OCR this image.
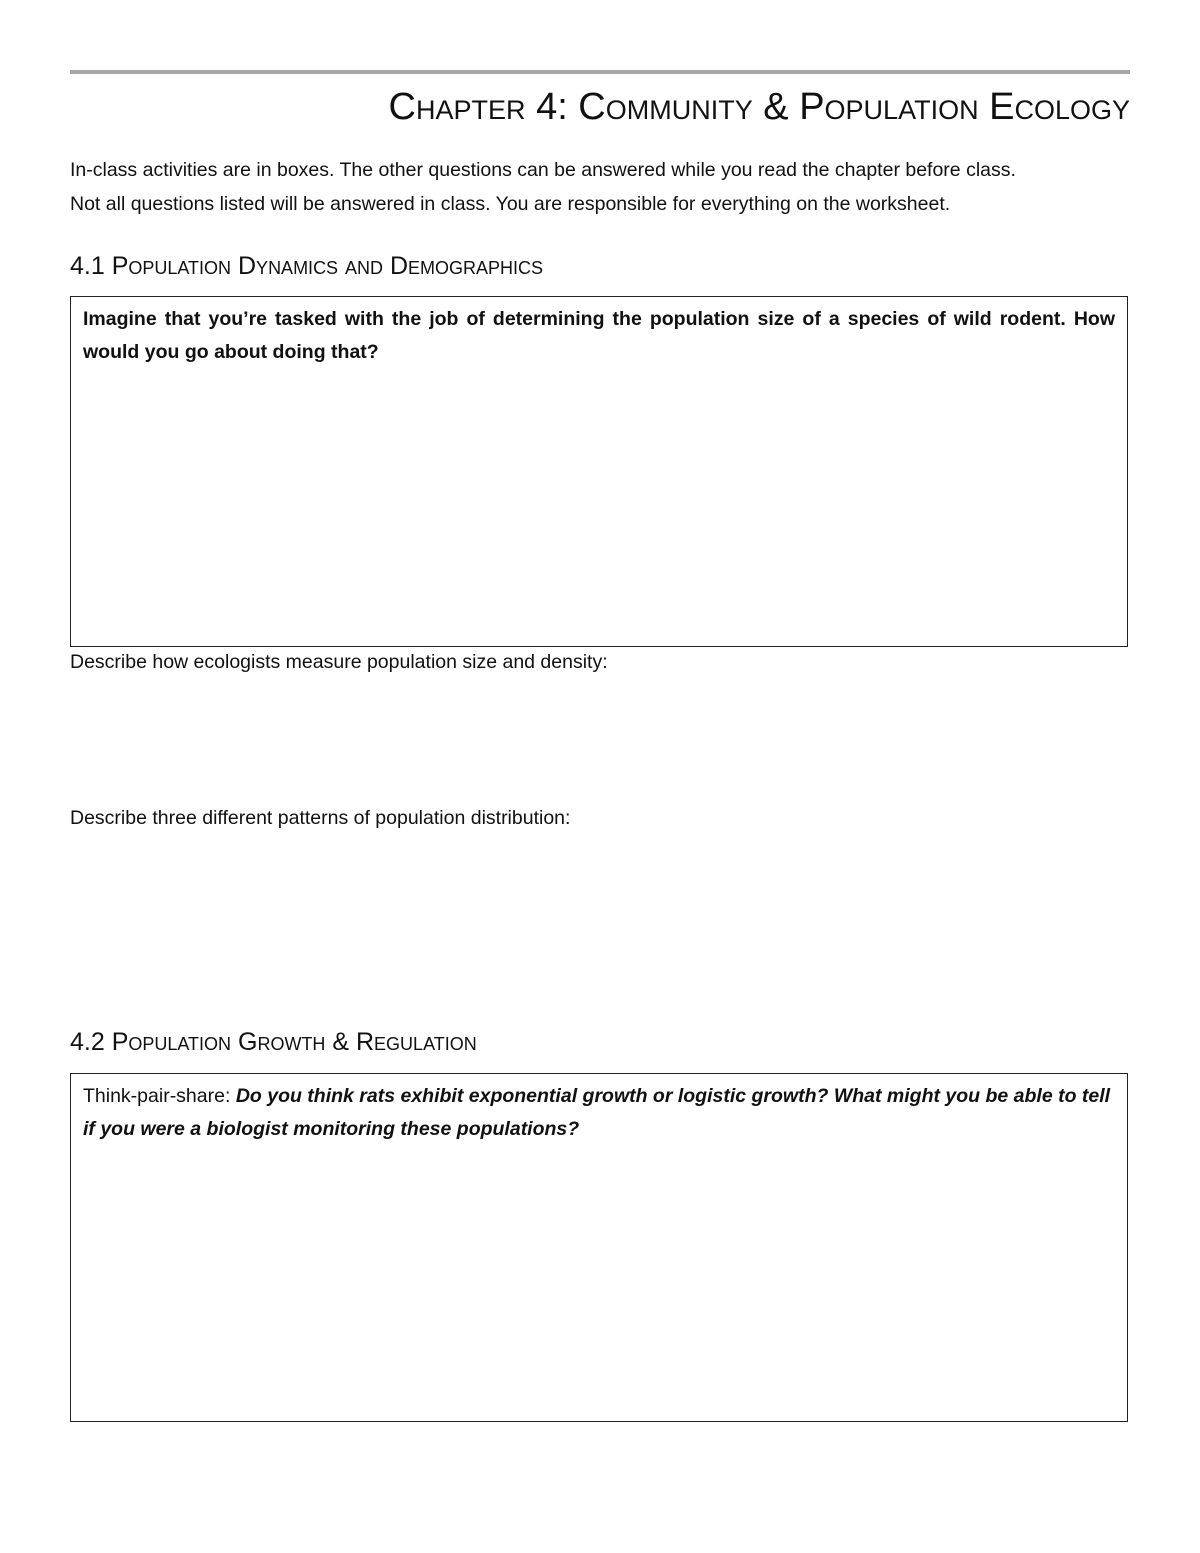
Chapter 4: Community & Population Ecology

In-class activities are in boxes. The other questions can be answered while you read the chapter before class.

Not all questions listed will be answered in class. You are responsible for everything on the worksheet.

4.1 Population Dynamics and Demographics

Imagine that you’re tasked with the job of determining the population size of a species of wild rodent. How would you go about doing that?

Describe how ecologists measure population size and density:

Describe three different patterns of population distribution:

4.2 Population Growth & Regulation

Think-pair-share: Do you think rats exhibit exponential growth or logistic growth? What might you be able to tell if you were a biologist monitoring these populations?
